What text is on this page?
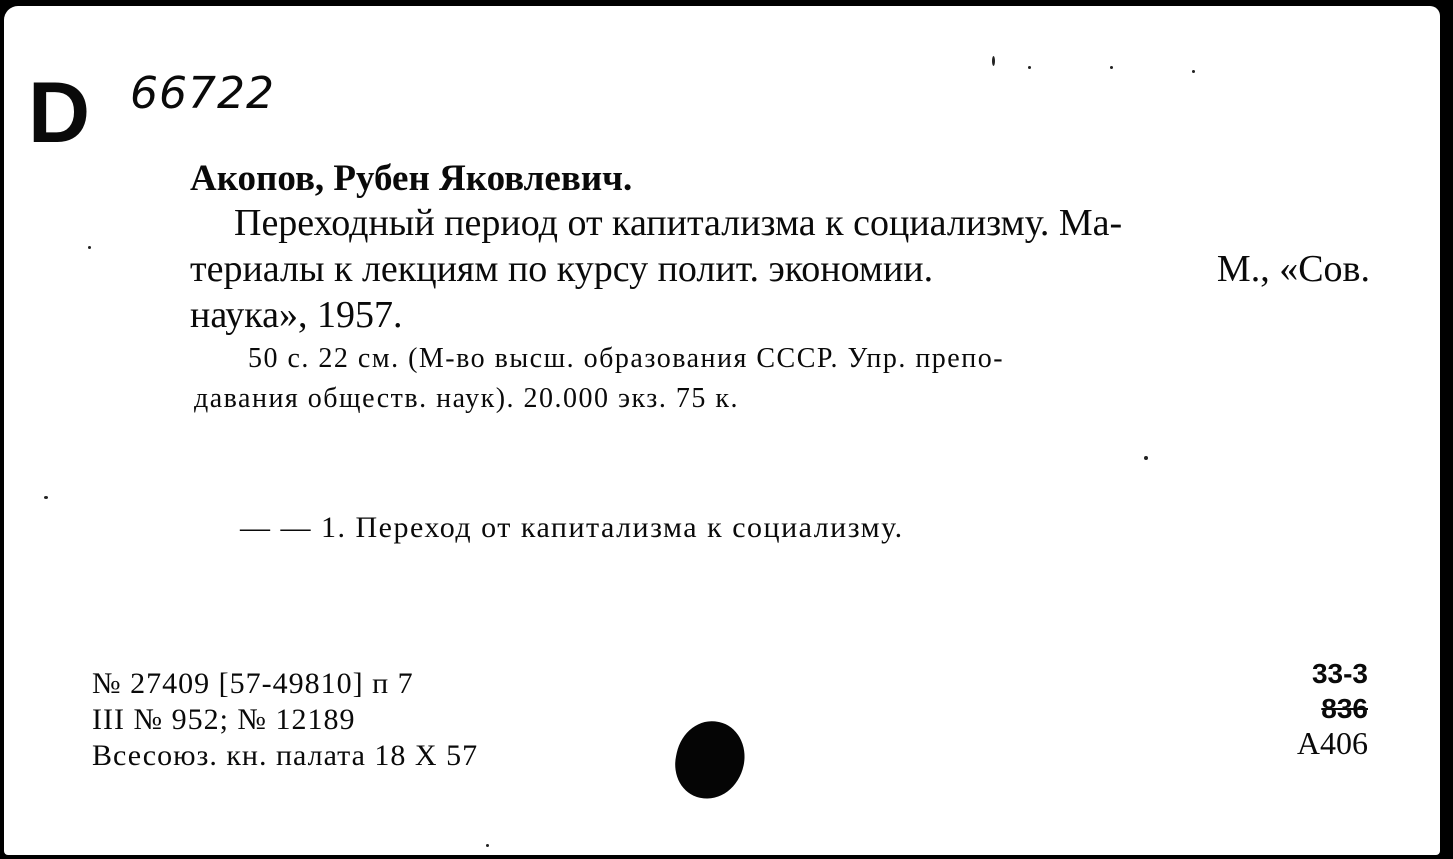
D 66722
Акопов, Рубен Яковлевич.
Переходный период от капитализма к социализму. Ма-
териалы к лекциям по курсу полит. экономии.	М., «Сов.
наука», 1957.
50 с. 22 см. (М-во высш. образования СССР. Упр. препо-
давания обществ. наук). 20.000 экз. 75 к.
— — 1. Переход от капитализма к социализму.
№ 27409 [57-49810] п 7
III № 952; № 12189
Всесоюз. кн. палата 18 X 57
33-3
836
А406
